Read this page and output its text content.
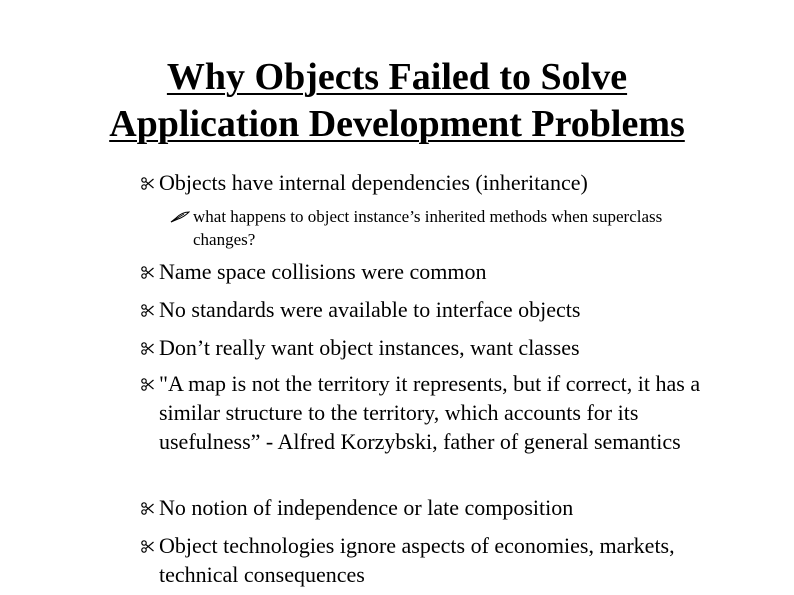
Why Objects Failed to Solve
Application Development Problems
Objects have internal dependencies (inheritance)
what happens to object instance’s inherited methods when superclass changes?
Name space collisions were common
No standards were available to interface objects
Don’t really want object instances, want classes
"A map is not the territory it represents, but if correct, it has a similar structure to the territory, which accounts for its usefulness” - Alfred Korzybski, father of general semantics
No notion of independence or late composition
Object technologies ignore aspects of economies, markets, technical consequences
